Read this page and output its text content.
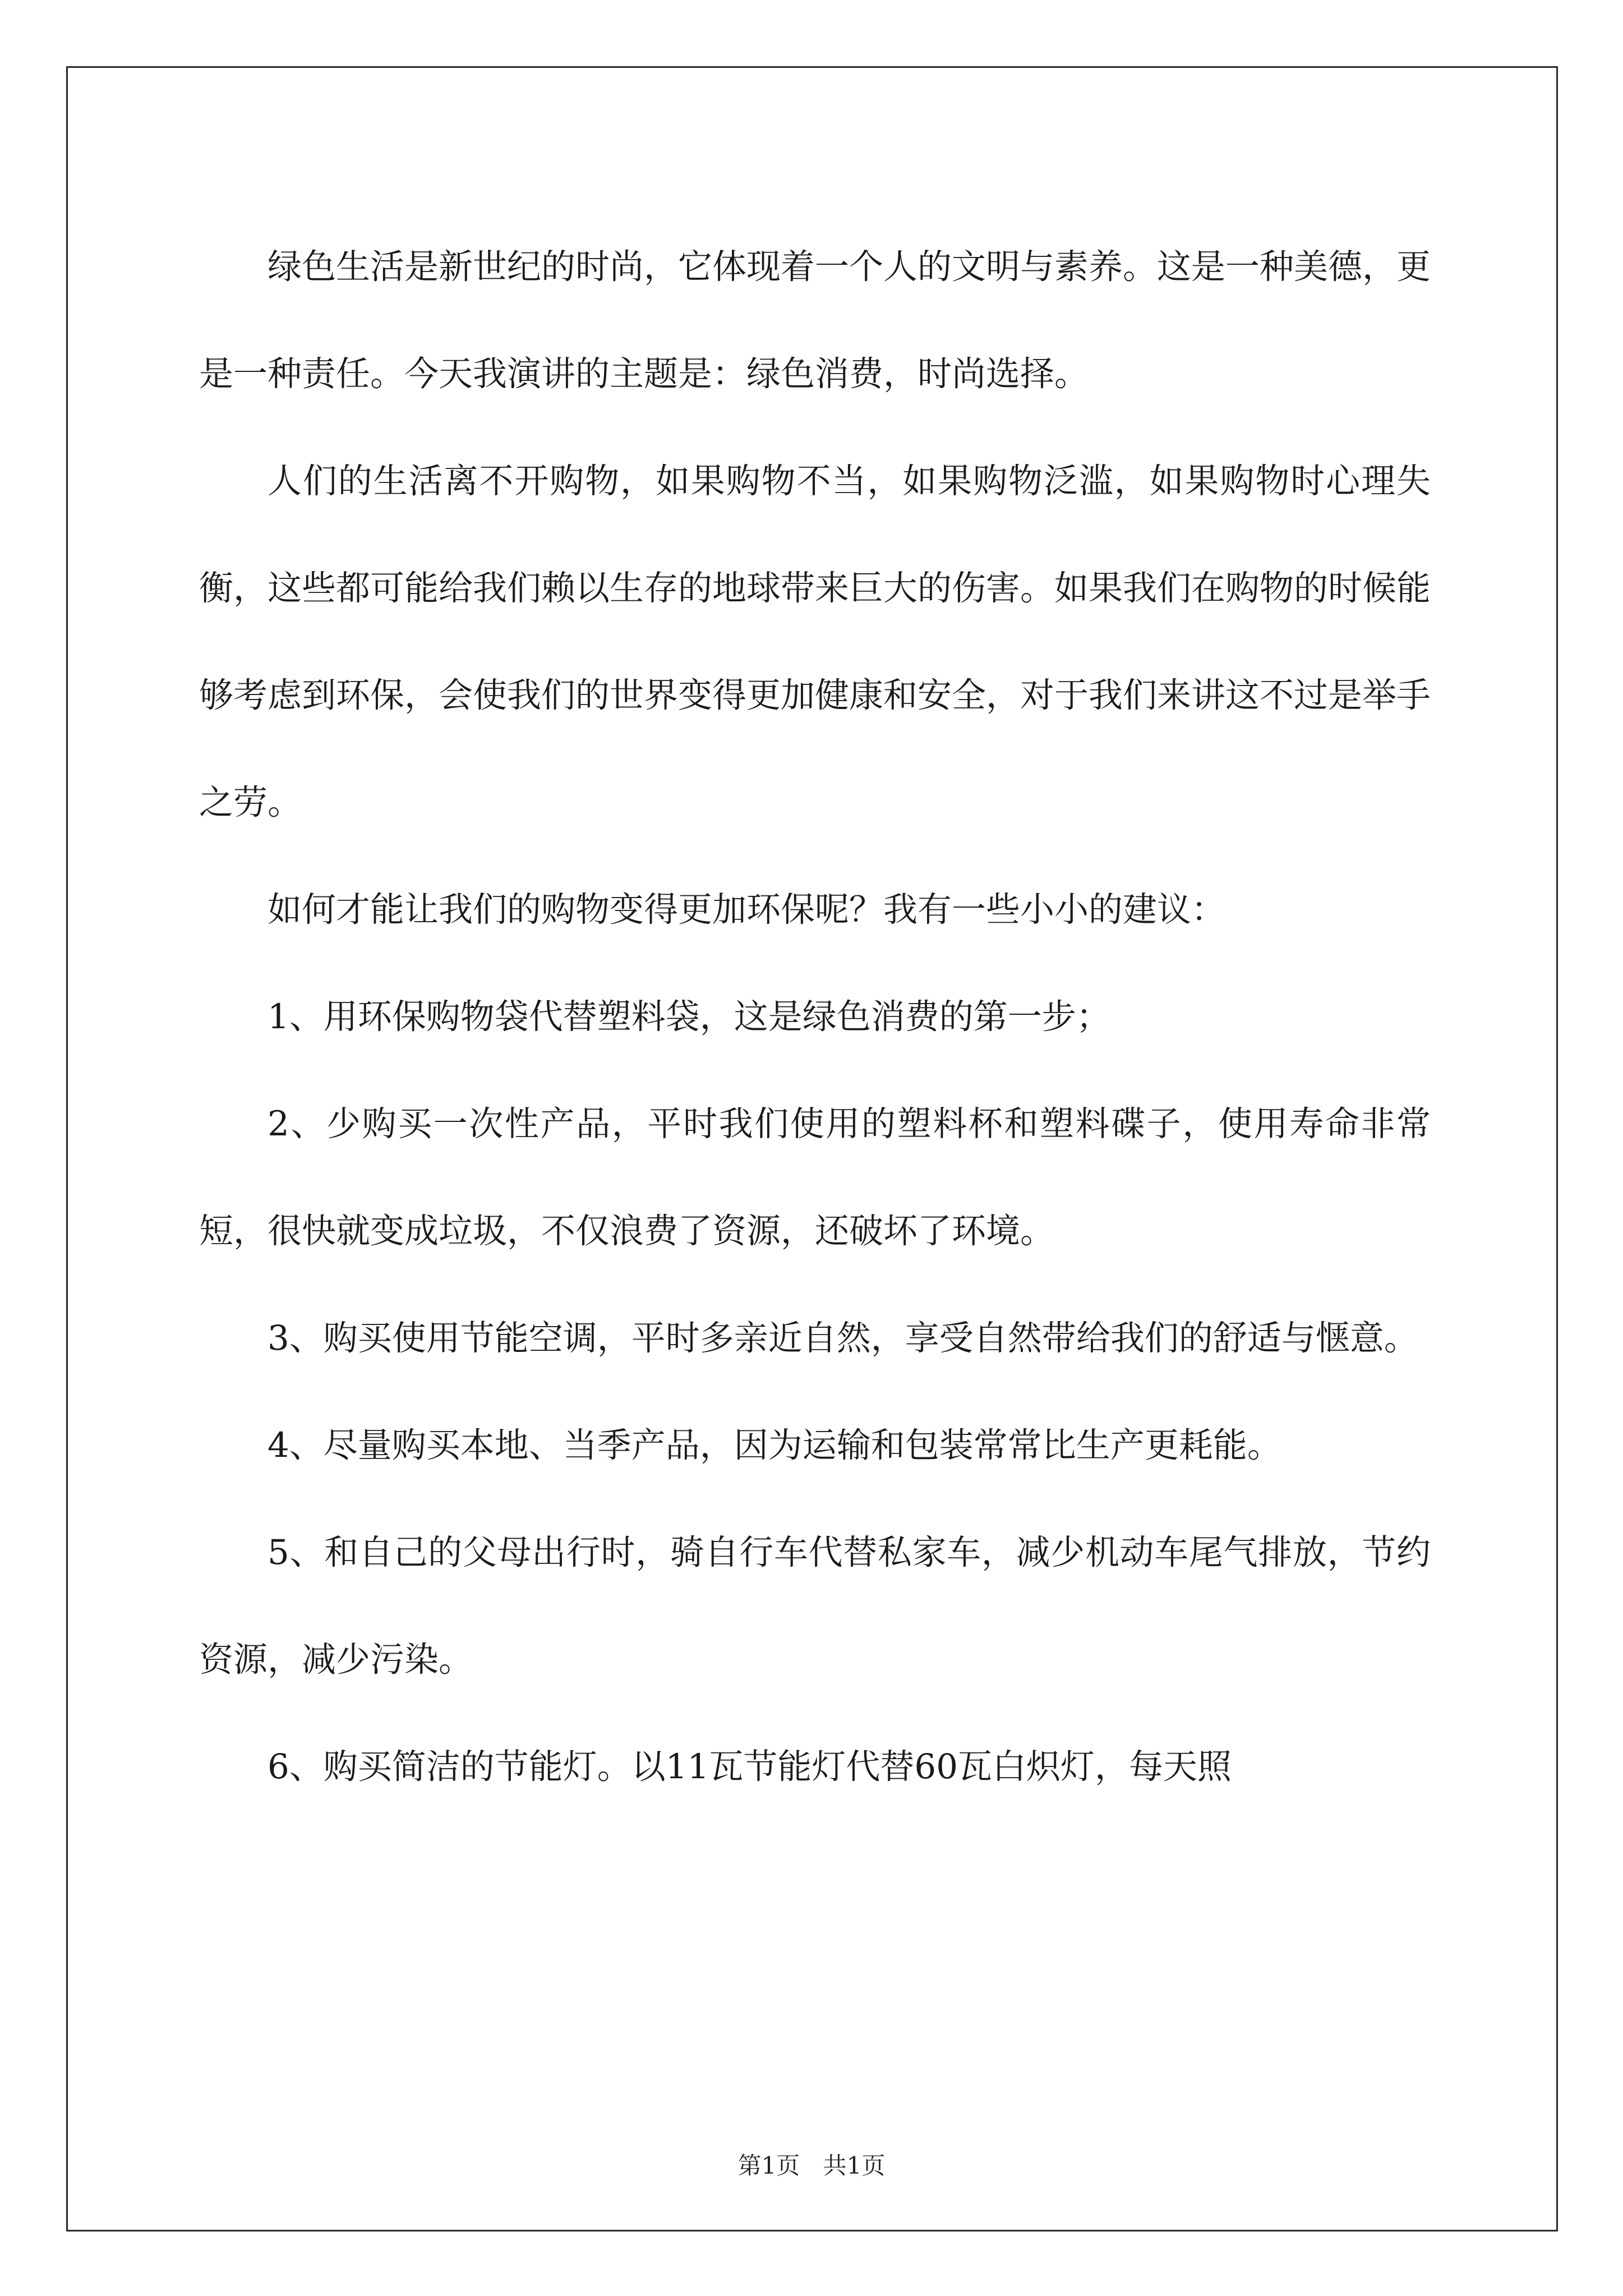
绿色生活是新世纪的时尚，它体现着一个人的文明与素养。这是一种美德，更是一种责任。今天我演讲的主题是：绿色消费，时尚选择。

人们的生活离不开购物，如果购物不当，如果购物泛滥，如果购物时心理失衡，这些都可能给我们赖以生存的地球带来巨大的伤害。如果我们在购物的时候能够考虑到环保，会使我们的世界变得更加健康和安全，对于我们来讲这不过是举手之劳。

如何才能让我们的购物变得更加环保呢？我有一些小小的建议：

1、用环保购物袋代替塑料袋，这是绿色消费的第一步；

2、少购买一次性产品，平时我们使用的塑料杯和塑料碟子，使用寿命非常短，很快就变成垃圾，不仅浪费了资源，还破坏了环境。

3、购买使用节能空调，平时多亲近自然，享受自然带给我们的舒适与惬意。

4、尽量购买本地、当季产品，因为运输和包装常常比生产更耗能。

5、和自己的父母出行时，骑自行车代替私家车，减少机动车尾气排放，节约资源，减少污染。

6、购买简洁的节能灯。以11瓦节能灯代替60瓦白炽灯，每天照

第1页 共1页
